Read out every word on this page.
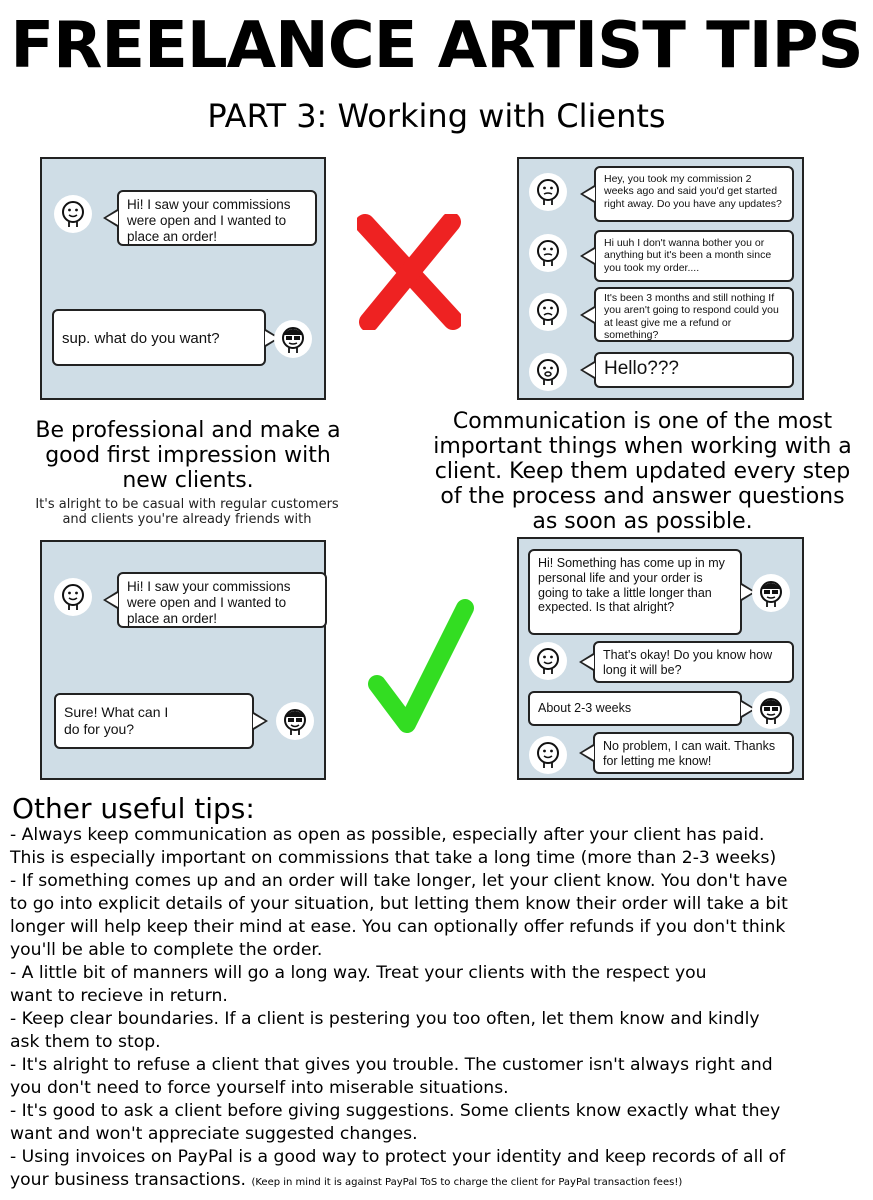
FREELANCE ARTIST TIPS
PART 3: Working with Clients
Hi! I saw your commissions were open and I wanted to place an order!
sup. what do you want?
Hey, you took my commission 2 weeks ago and said you'd get started right away. Do you have any updates?
Hi uuh I don't wanna bother you or anything but it's been a month since you took my order....
It's been 3 months and still nothing If you aren't going to respond could you at least give me a refund or something?
Hello???
Be professional and make a good first impression with new clients.
It's alright to be casual with regular customers and clients you're already friends with
Communication is one of the most important things when working with a client. Keep them updated every step of the process and answer questions as soon as possible.
Hi! I saw your commissions were open and I wanted to place an order!
Sure! What can I do for you?
Hi! Something has come up in my personal life and your order is going to take a little longer than expected. Is that alright?
That's okay! Do you know how long it will be?
About 2-3 weeks
No problem, I can wait. Thanks for letting me know!
Other useful tips:

- Always keep communication as open as possible, especially after your client has paid.

This is especially important on commissions that take a long time (more than 2-3 weeks)

- If something comes up and an order will take longer, let your client know. You don't have

to go into explicit details of your situation, but letting them know their order will take a bit

longer will help keep their mind at ease. You can optionally offer refunds if you don't think

you'll be able to complete the order.

- A little bit of manners will go a long way. Treat your clients with the respect you

want to recieve in return.

- Keep clear boundaries. If a client is pestering you too often, let them know and kindly

ask them to stop.

- It's alright to refuse a client that gives you trouble. The customer isn't always right and

you don't need to force yourself into miserable situations.

- It's good to ask a client before giving suggestions. Some clients know exactly what they

want and won't appreciate suggested changes.

- Using invoices on PayPal is a good way to protect your identity and keep records of all of

your business transactions. (Keep in mind it is against PayPal ToS to charge the client for PayPal transaction fees!)
